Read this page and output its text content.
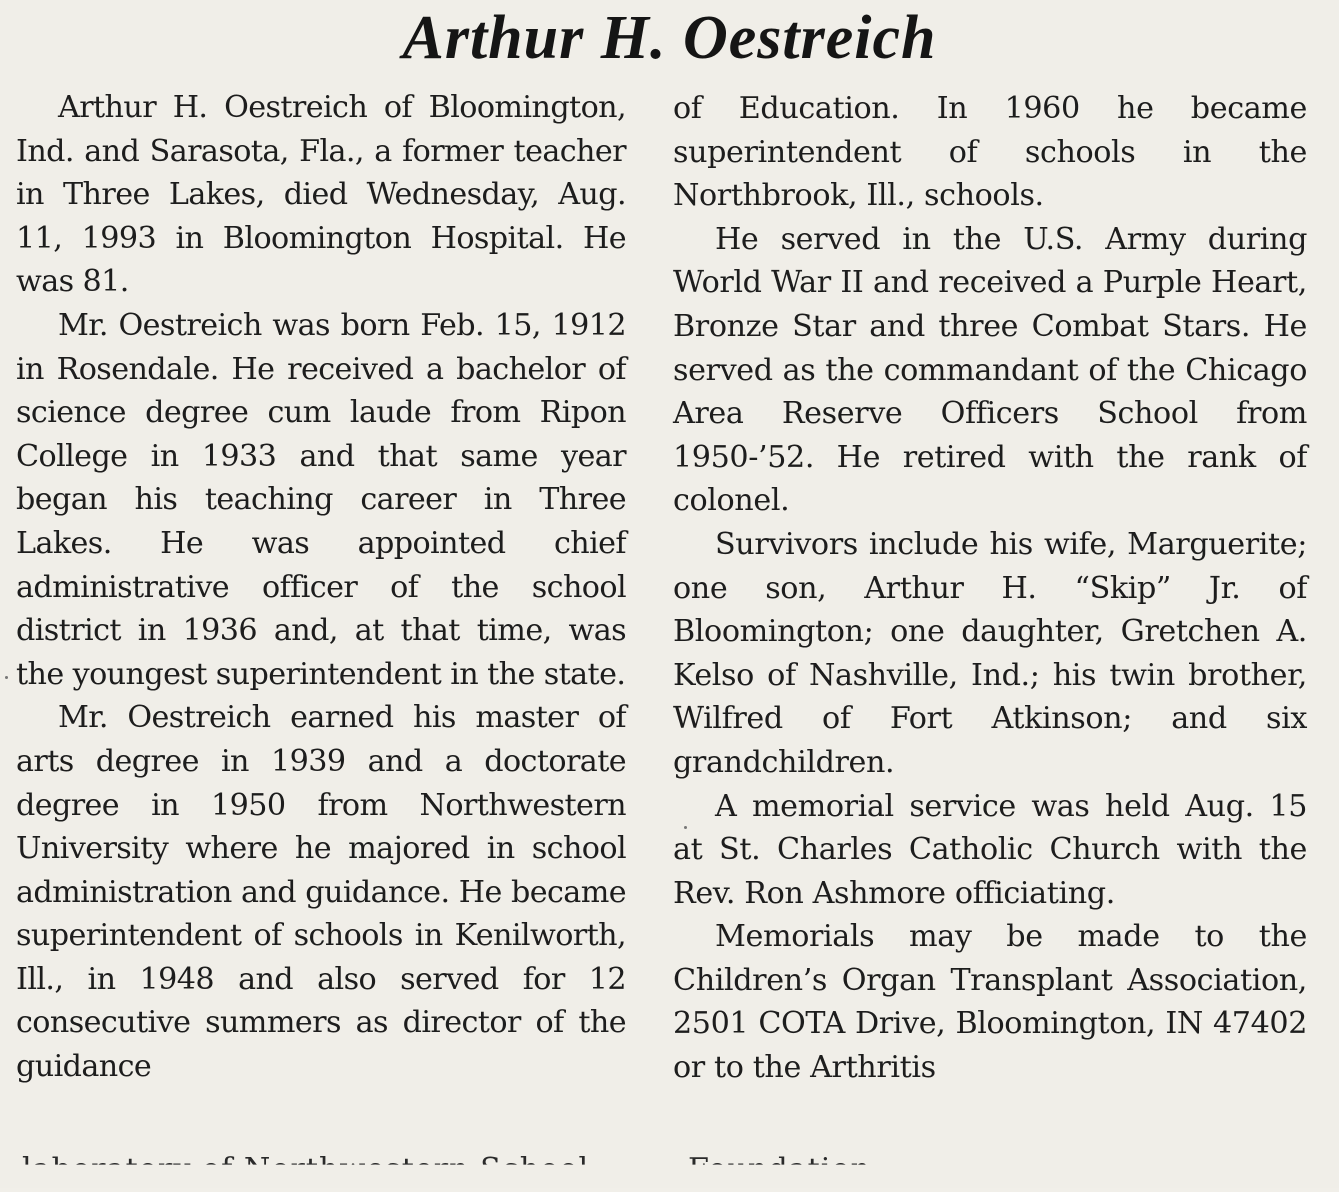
Arthur H. Oestreich

Arthur H. Oestreich of Bloomington, Ind. and Sarasota, Fla., a former teacher in Three Lakes, died Wednesday, Aug. 11, 1993 in Bloomington Hospital. He was 81.

Mr. Oestreich was born Feb. 15, 1912 in Rosendale. He received a bachelor of science degree cum laude from Ripon College in 1933 and that same year began his teaching career in Three Lakes. He was appointed chief administrative officer of the school district in 1936 and, at that time, was the youngest superintendent in the state.

Mr. Oestreich earned his master of arts degree in 1939 and a doctorate degree in 1950 from Northwestern University where he majored in school administration and guidance. He became superintendent of schools in Kenilworth, Ill., in 1948 and also served for 12 consecutive summers as director of the guidance

of Education. In 1960 he became superintendent of schools in the Northbrook, Ill., schools.

He served in the U.S. Army during World War II and received a Purple Heart, Bronze Star and three Combat Stars. He served as the commandant of the Chicago Area Reserve Officers School from 1950-’52. He retired with the rank of colonel.

Survivors include his wife, Marguerite; one son, Arthur H. “Skip” Jr. of Bloomington; one daughter, Gretchen A. Kelso of Nashville, Ind.; his twin brother, Wilfred of Fort Atkinson; and six grandchildren.

A memorial service was held Aug. 15 at St. Charles Catholic Church with the Rev. Ron Ashmore officiating.

Memorials may be made to the Children’s Organ Transplant Association, 2501 COTA Drive, Bloomington, IN 47402 or to the Arthritis
